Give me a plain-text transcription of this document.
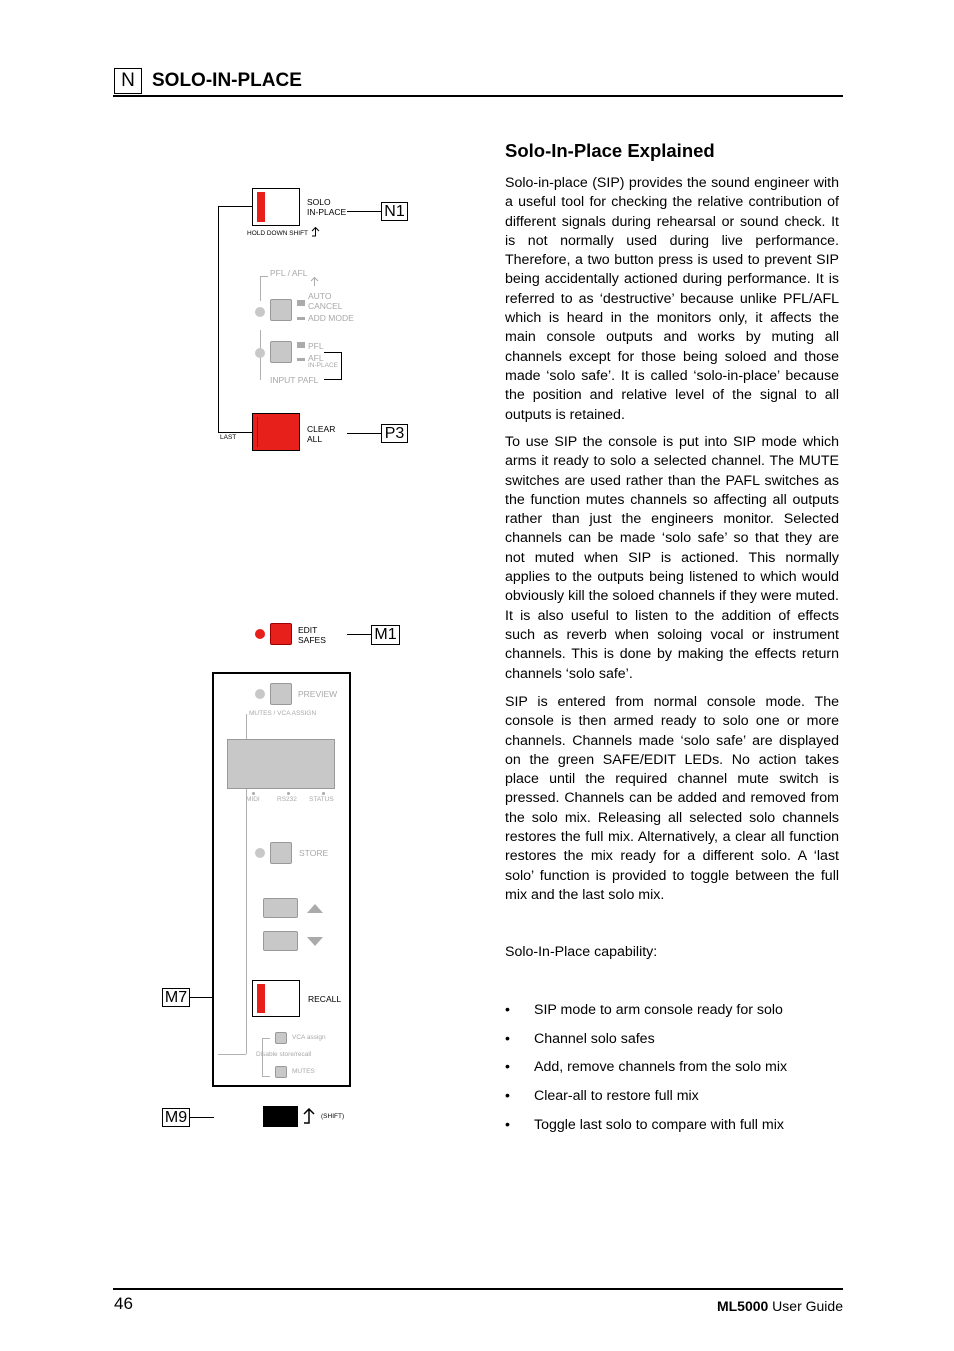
N SOLO-IN-PLACE
Solo-In-Place Explained
Solo-in-place (SIP) provides the sound engineer with a useful tool for checking the relative contribution of different signals during rehearsal or sound check. It is not normally used during live performance. Therefore, a two button press is used to prevent SIP being accidentally actioned during performance. It is referred to as ‘destructive’ because unlike PFL/AFL which is heard in the monitors only, it affects the main console outputs and works by muting all channels except for those being soloed and those made ‘solo safe’. It is called ‘solo-in-place’ because the position and relative level of the signal to all outputs is retained.
To use SIP the console is put into SIP mode which arms it ready to solo a selected channel. The MUTE switches are used rather than the PAFL switches as the function mutes channels so affecting all outputs rather than just the engineers monitor. Selected channels can be made ‘solo safe’ so that they are not muted when SIP is actioned. This normally applies to the outputs being listened to which would obviously kill the soloed channels if they were muted. It is also useful to listen to the addition of effects such as reverb when soloing vocal or instrument channels. This is done by making the effects return channels ‘solo safe’.
SIP is entered from normal console mode. The console is then armed ready to solo one or more channels. Channels made ‘solo safe’ are displayed on the green SAFE/EDIT LEDs. No action takes place until the required channel mute switch is pressed. Channels can be added and removed from the solo mix. Releasing all selected solo channels restores the full mix. Alternatively, a clear all function restores the mix ready for a different solo. A ‘last solo’ function is provided to toggle between the full mix and the last solo mix.
Solo-In-Place capability:
• SIP mode to arm console ready for solo
• Channel solo safes
• Add, remove channels from the solo mix
• Clear-all to restore full mix
• Toggle last solo to compare with full mix
46	ML5000 User Guide
SOLO
IN-PLACE
HOLD DOWN SHIFT
N1
PFL / AFL
AUTO
CANCEL
ADD MODE
PFL
AFL
IN-PLACE
INPUT PAFL
CLEAR
ALL
LAST	P3
EDIT
SAFES	M1
PREVIEW
MUTES / VCA ASSIGN
MIDI	RS232 STATUS
STORE
RECALL
M7
VCA assign
Disable store/recall
MUTES
(SHIFT)
M9
